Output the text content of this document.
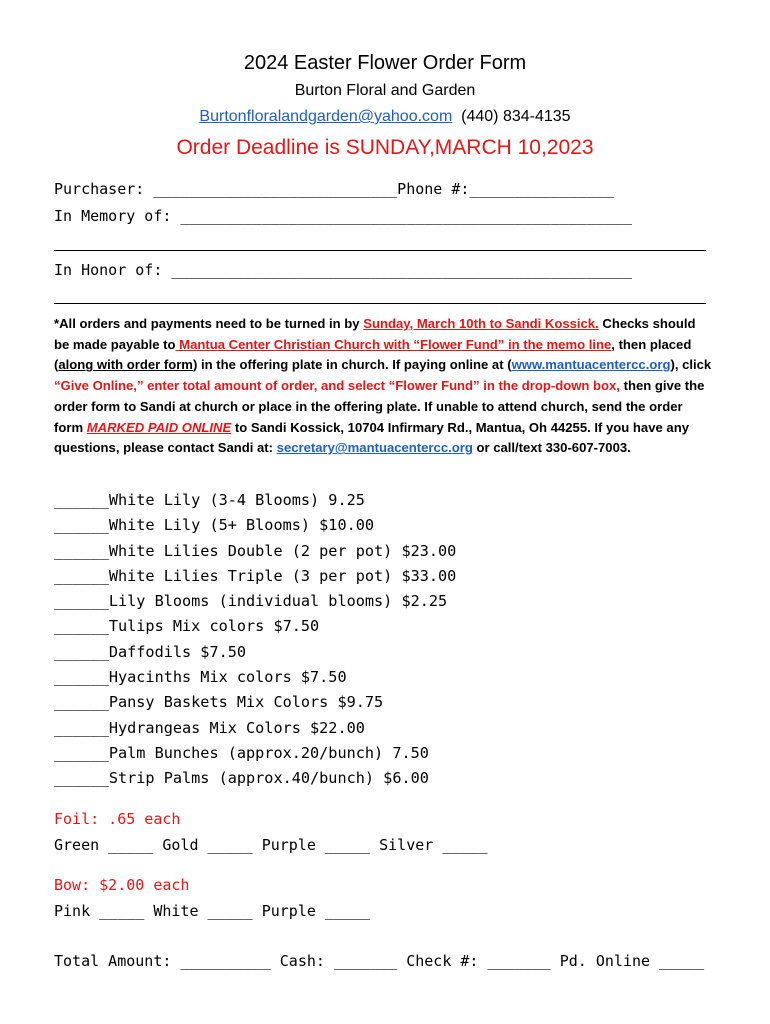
2024 Easter Flower Order Form
Burton Floral and Garden
Burtonfloralandgarden@yahoo.com (440) 834-4135
Order Deadline is SUNDAY,MARCH 10,2023
Purchaser: ___________________________Phone #:________________
In Memory of: __________________________________________________
In Honor of: ___________________________________________________
*All orders and payments need to be turned in by Sunday, March 10th to Sandi Kossick. Checks should be made payable to Mantua Center Christian Church with “Flower Fund” in the memo line, then placed (along with order form) in the offering plate in church. If paying online at (www.mantuacentercc.org), click “Give Online,” enter total amount of order, and select “Flower Fund” in the drop-down box, then give the order form to Sandi at church or place in the offering plate. If unable to attend church, send the order form MARKED PAID ONLINE to Sandi Kossick, 10704 Infirmary Rd., Mantua, Oh 44255. If you have any questions, please contact Sandi at: secretary@mantuacentercc.org or call/text 330-607-7003.
______White Lily (3-4 Blooms) 9.25
______White Lily (5+ Blooms) $10.00
______White Lilies Double (2 per pot) $23.00
______White Lilies Triple (3 per pot) $33.00
______Lily Blooms (individual blooms) $2.25
______Tulips Mix colors $7.50
______Daffodils $7.50
______Hyacinths Mix colors $7.50
______Pansy Baskets Mix Colors $9.75
______Hydrangeas Mix Colors $22.00
______Palm Bunches (approx.20/bunch) 7.50
______Strip Palms (approx.40/bunch) $6.00
Foil: .65 each
Green _____ Gold _____ Purple _____ Silver _____
Bow: $2.00 each
Pink _____ White _____ Purple _____
Total Amount: __________ Cash: _______ Check #: _______ Pd. Online _____
